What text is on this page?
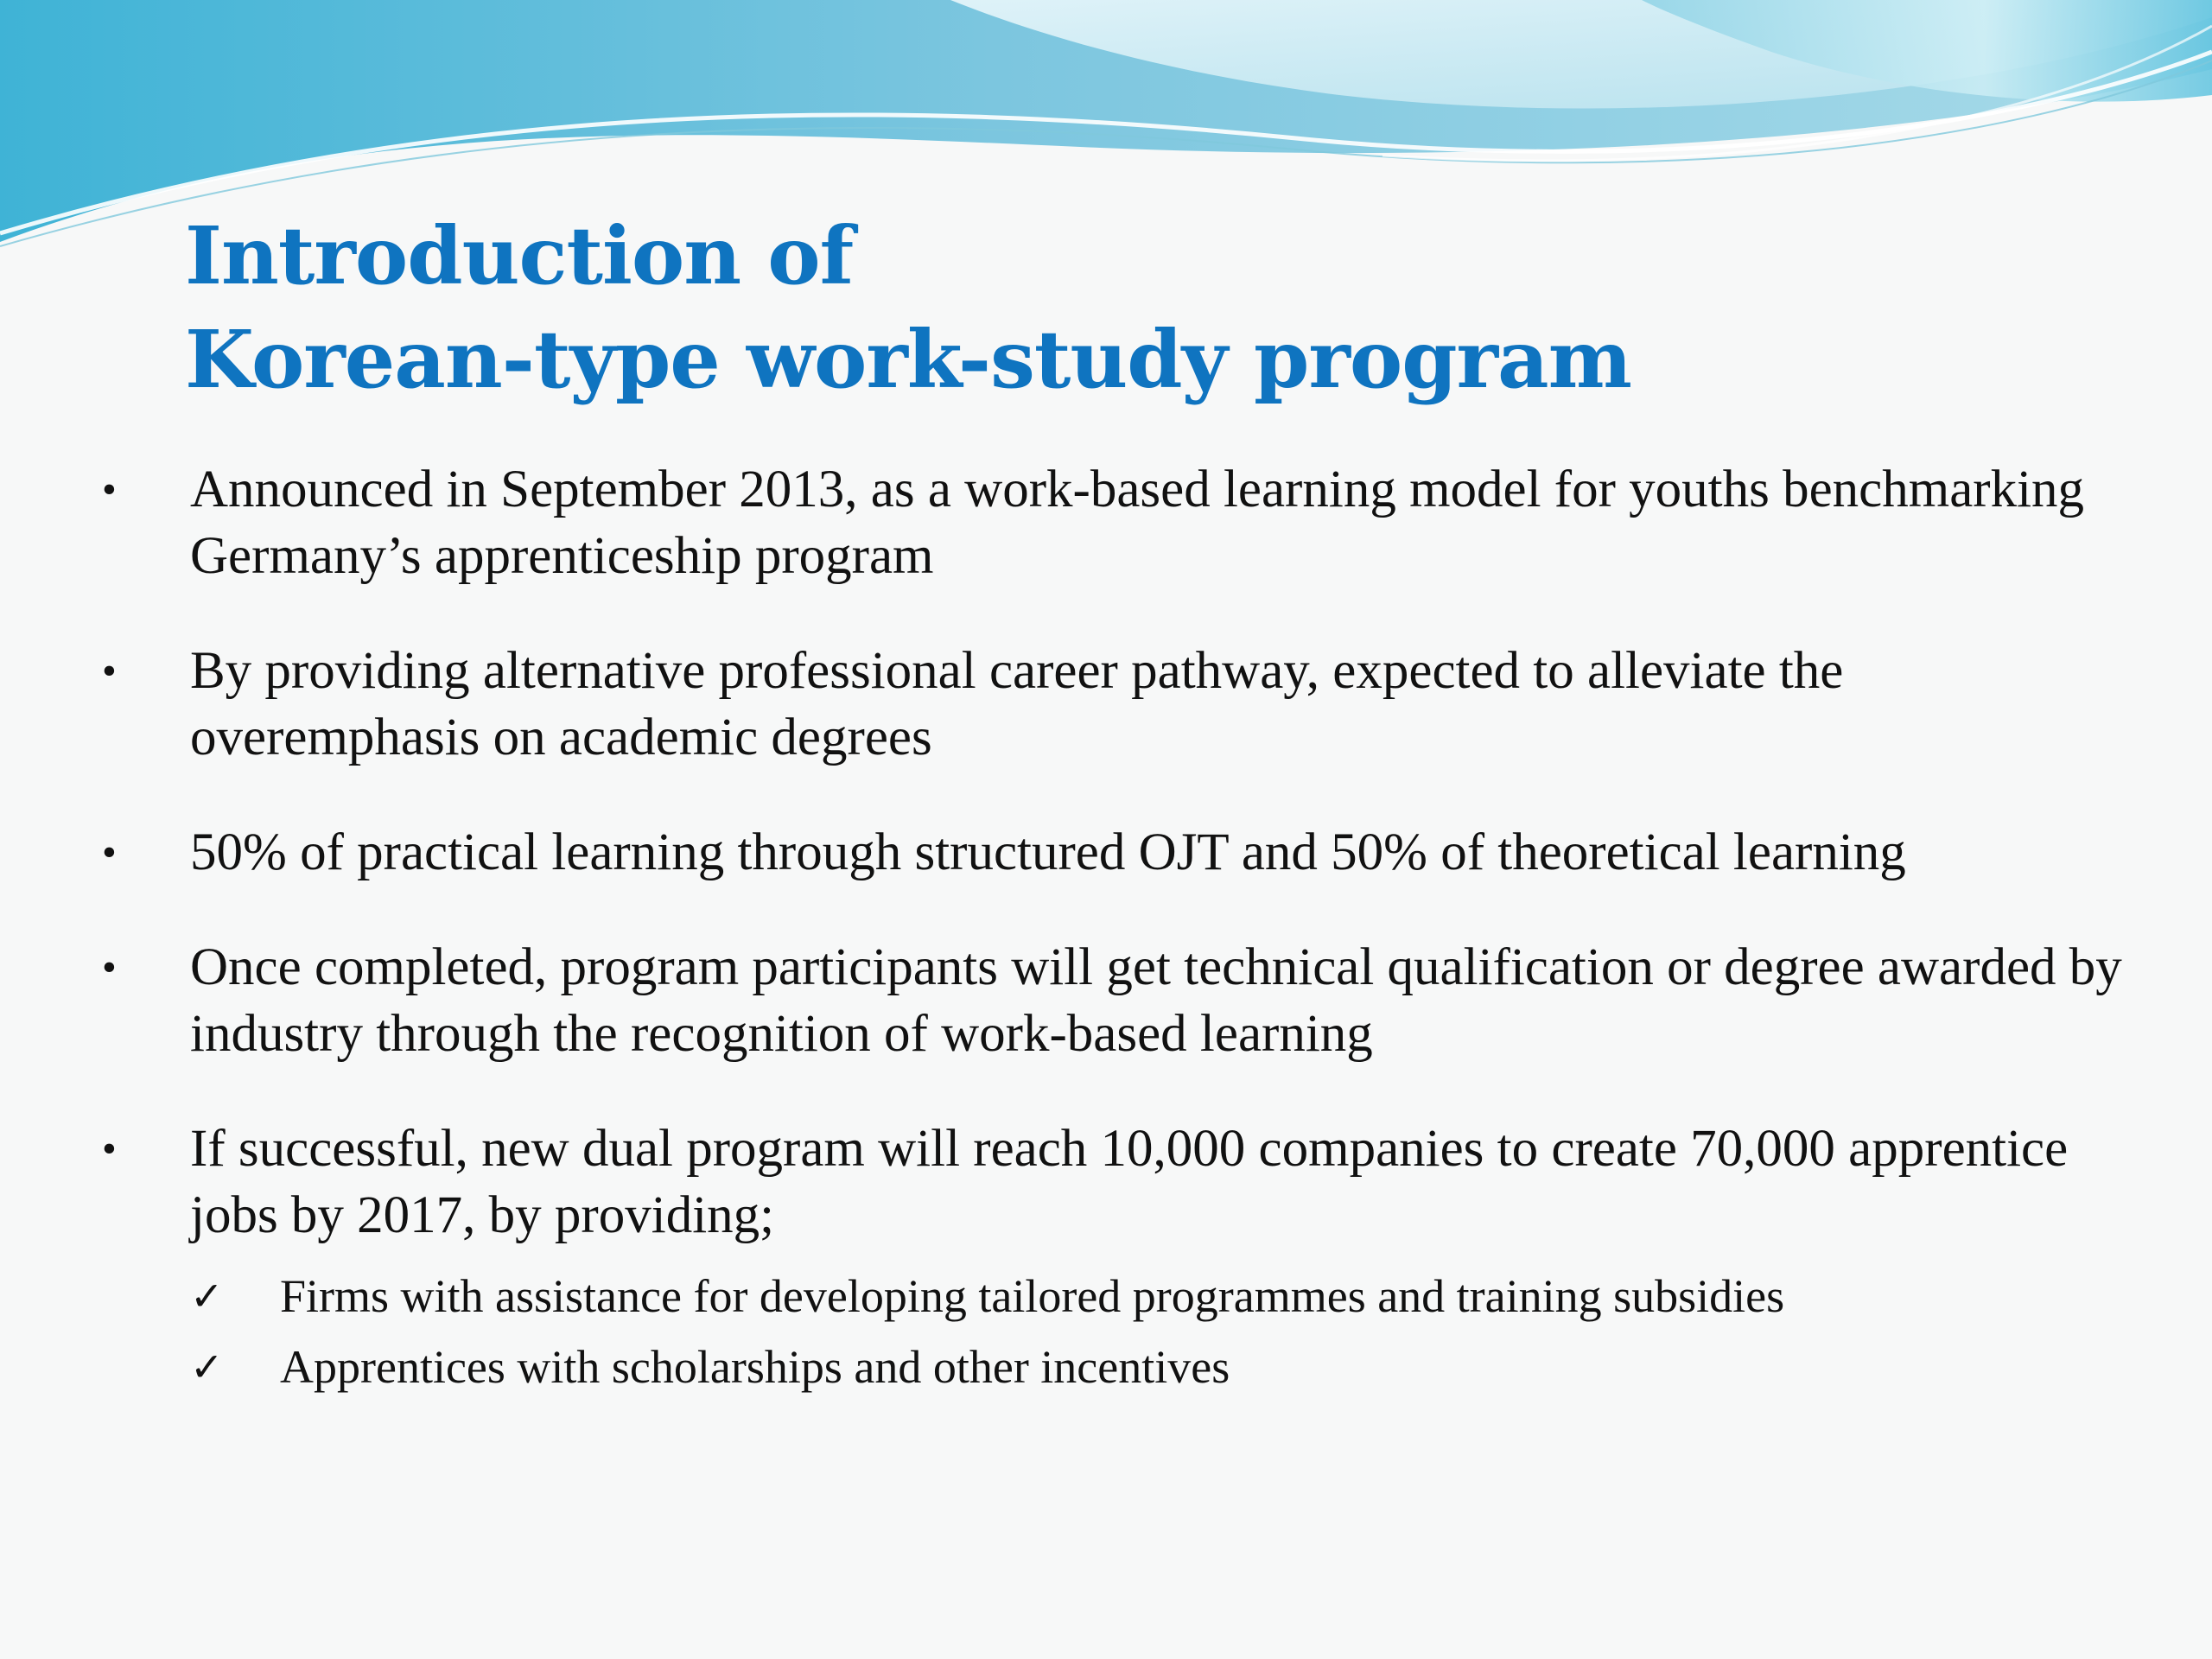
Introduction of
Korean-type work-study program
• Announced in September 2013, as a work-based learning model for youths benchmarking Germany’s apprenticeship program
• By providing alternative professional career pathway, expected to alleviate the overemphasis on academic degrees
• 50% of practical learning through structured OJT and 50% of theoretical learning
• Once completed, program participants will get technical qualification or degree awarded by industry through the recognition of work-based learning
• If successful, new dual program will reach 10,000 companies to create 70,000 apprentice jobs by 2017, by providing;
✓ Firms with assistance for developing tailored programmes and training subsidies
✓ Apprentices with scholarships and other incentives
